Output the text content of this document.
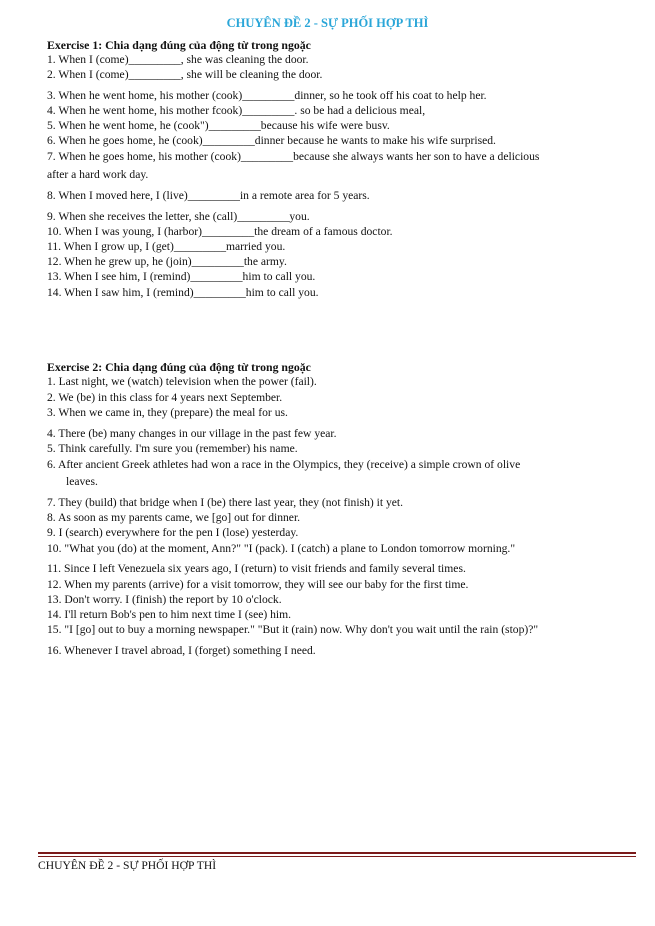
CHUYÊN ĐỀ 2 - SỰ PHỐI HỢP THÌ
Exercise 1: Chia dạng đúng của động từ trong ngoặc
1. When I (come)_________, she was cleaning the door.
2. When I (come)_________, she will be cleaning the door.
3. When he went home, his mother (cook)_________dinner, so he took off his coat to help her.
4. When he went home, his mother fcook)_________. so be had a delicious meal,
5. When he went home, he (cook")_________because his wife were busv.
6. When he goes home, he (cook)_________dinner because he wants to make his wife surprised.
7. When he goes home, his mother (cook)_________because she always wants her son to have a delicious
after a hard work day.
8. When I moved here, I (live)_________in a remote area for 5 years.
9. When she receives the letter, she (call)_________you.
10. When I was young, I (harbor)_________the dream of a famous doctor.
11. When I grow up, I (get)_________married you.
12. When he grew up, he (join)_________the army.
13. When I see him, I (remind)_________him to call you.
14. When I saw him, I (remind)_________him to call you.
Exercise 2: Chia dạng đúng của động từ trong ngoặc
1. Last night, we (watch) television when the power (fail).
2. We (be) in this class for 4 years next September.
3. When we came in, they (prepare) the meal for us.
4. There (be) many changes in our village in the past few year.
5. Think carefully. I'm sure you (remember) his name.
6. After ancient Greek athletes had won a race in the Olympics, they (receive) a simple crown of olive
leaves.
7. They (build) that bridge when I (be) there last year, they (not finish) it yet.
8. As soon as my parents came, we [go] out for dinner.
9. I (search) everywhere for the pen I (lose) yesterday.
10. "What you (do) at the moment, Ann?" "I (pack). I (catch) a plane to London tomorrow morning."
11. Since I left Venezuela six years ago, I (return) to visit friends and family several times.
12. When my parents (arrive) for a visit tomorrow, they will see our baby for the first time.
13. Don't worry. I (finish) the report by 10 o'clock.
14. I'll return Bob's pen to him next time I (see) him.
15. "I [go] out to buy a morning newspaper." "But it (rain) now. Why don't you wait until the rain (stop)?"
16. Whenever I travel abroad, I (forget) something I need.
CHUYÊN ĐỀ 2 - SỰ PHỐI HỢP THÌ
